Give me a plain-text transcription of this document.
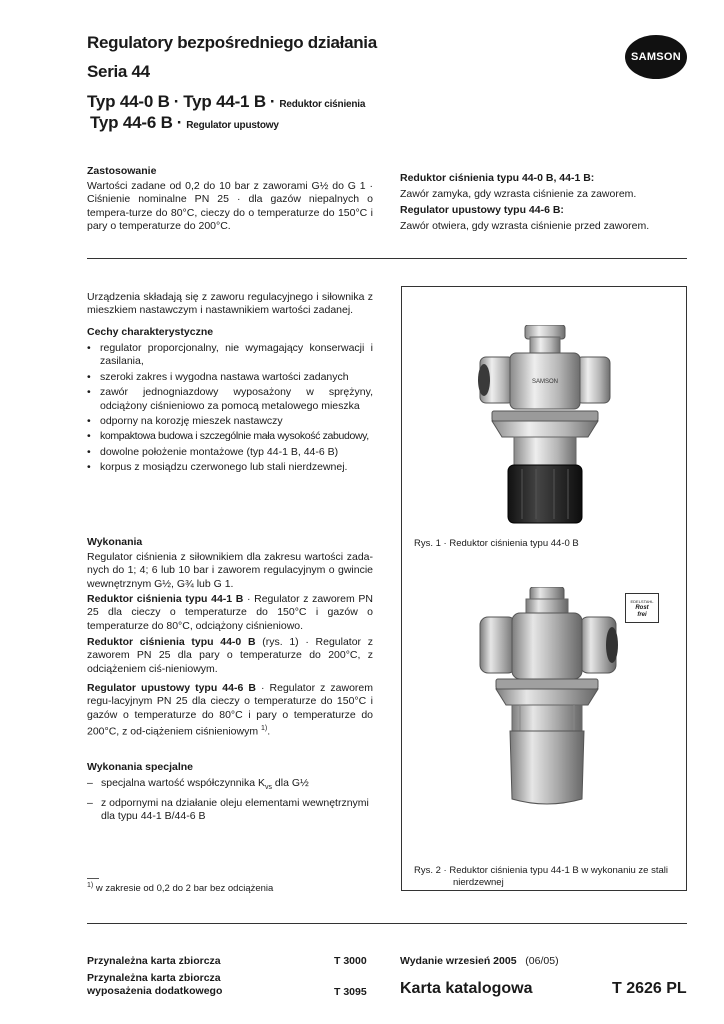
Regulatory bezpośredniego działania
Seria 44
Typ 44-0 B · Typ 44-1 B · Reduktor ciśnienia
Typ 44-6 B · Regulator upustowy
SAMSON
Zastosowanie
Wartości zadane od 0,2 do 10 bar z zaworami G½ do G 1 · Ciśnienie nominalne PN 25 · dla gazów niepalnych o tempera-turze do 80°C, cieczy do o temperaturze do 150°C i pary o temperaturze do 200°C.
Reduktor ciśnienia typu 44-0 B, 44-1 B:
Zawór zamyka, gdy wzrasta ciśnienie za zaworem.
Regulator upustowy typu 44-6 B:
Zawór otwiera, gdy wzrasta ciśnienie przed zaworem.
Urządzenia składają się z zaworu regulacyjnego i siłownika z mieszkiem nastawczym i nastawnikiem wartości zadanej.
Cechy charakterystyczne
• regulator proporcjonalny, nie wymagający konserwacji i zasilania,
• szeroki zakres i wygodna nastawa wartości zadanych
• zawór jednogniazdowy wyposażony w sprężyny, odciążony ciśnieniowo za pomocą metalowego mieszka
• odporny na korozję mieszek nastawczy
• kompaktowa budowa i szczególnie mała wysokość zabudowy,
• dowolne położenie montażowe (typ 44-1 B, 44-6 B)
• korpus z mosiądzu czerwonego lub stali nierdzewnej.
Wykonania
Regulator ciśnienia z siłownikiem dla zakresu wartości zada-nych do 1; 4; 6 lub 10 bar i zaworem regulacyjnym o gwincie wewnętrznym G½, G¾ lub G 1.
Reduktor ciśnienia typu 44-1 B · Regulator z zaworem PN 25 dla cieczy o temperaturze do 150°C i gazów o temperaturze do 80°C, odciążony ciśnieniowo.
Reduktor ciśnienia typu 44-0 B (rys. 1) · Regulator z zaworem PN 25 dla pary o temperaturze do 200°C, z odciążeniem ciś-nieniowym.
Regulator upustowy typu 44-6 B · Regulator z zaworem regu-lacyjnym PN 25 dla cieczy o temperaturze do 150°C i gazów o temperaturze do 80°C i pary o temperaturze do 200°C, z od-ciążeniem ciśnieniowym $^{1)}$.
Wykonania specjalne
– specjalna wartość współczynnika $K_{vs}$ dla G½
– z odpornymi na działanie oleju elementami wewnętrznymi dla typu 44-1 B/44-6 B
$^{1)}$ w zakresie od 0,2 do 2 bar bez odciążenia
SAMSON
Rys. 1 · Reduktor ciśnienia typu 44-0 B
EDELSTAHL
Rost
frei
Rys. 2 · Reduktor ciśnienia typu 44-1 B w wykonaniu ze stali
nierdzewnej
Przynależna karta zbiorcza	T 3000
Przynależna karta zbiorcza
wyposażenia dodatkowego	T 3095
Wydanie wrzesień 2005 (06/05)
Karta katalogowa	T 2626 PL
